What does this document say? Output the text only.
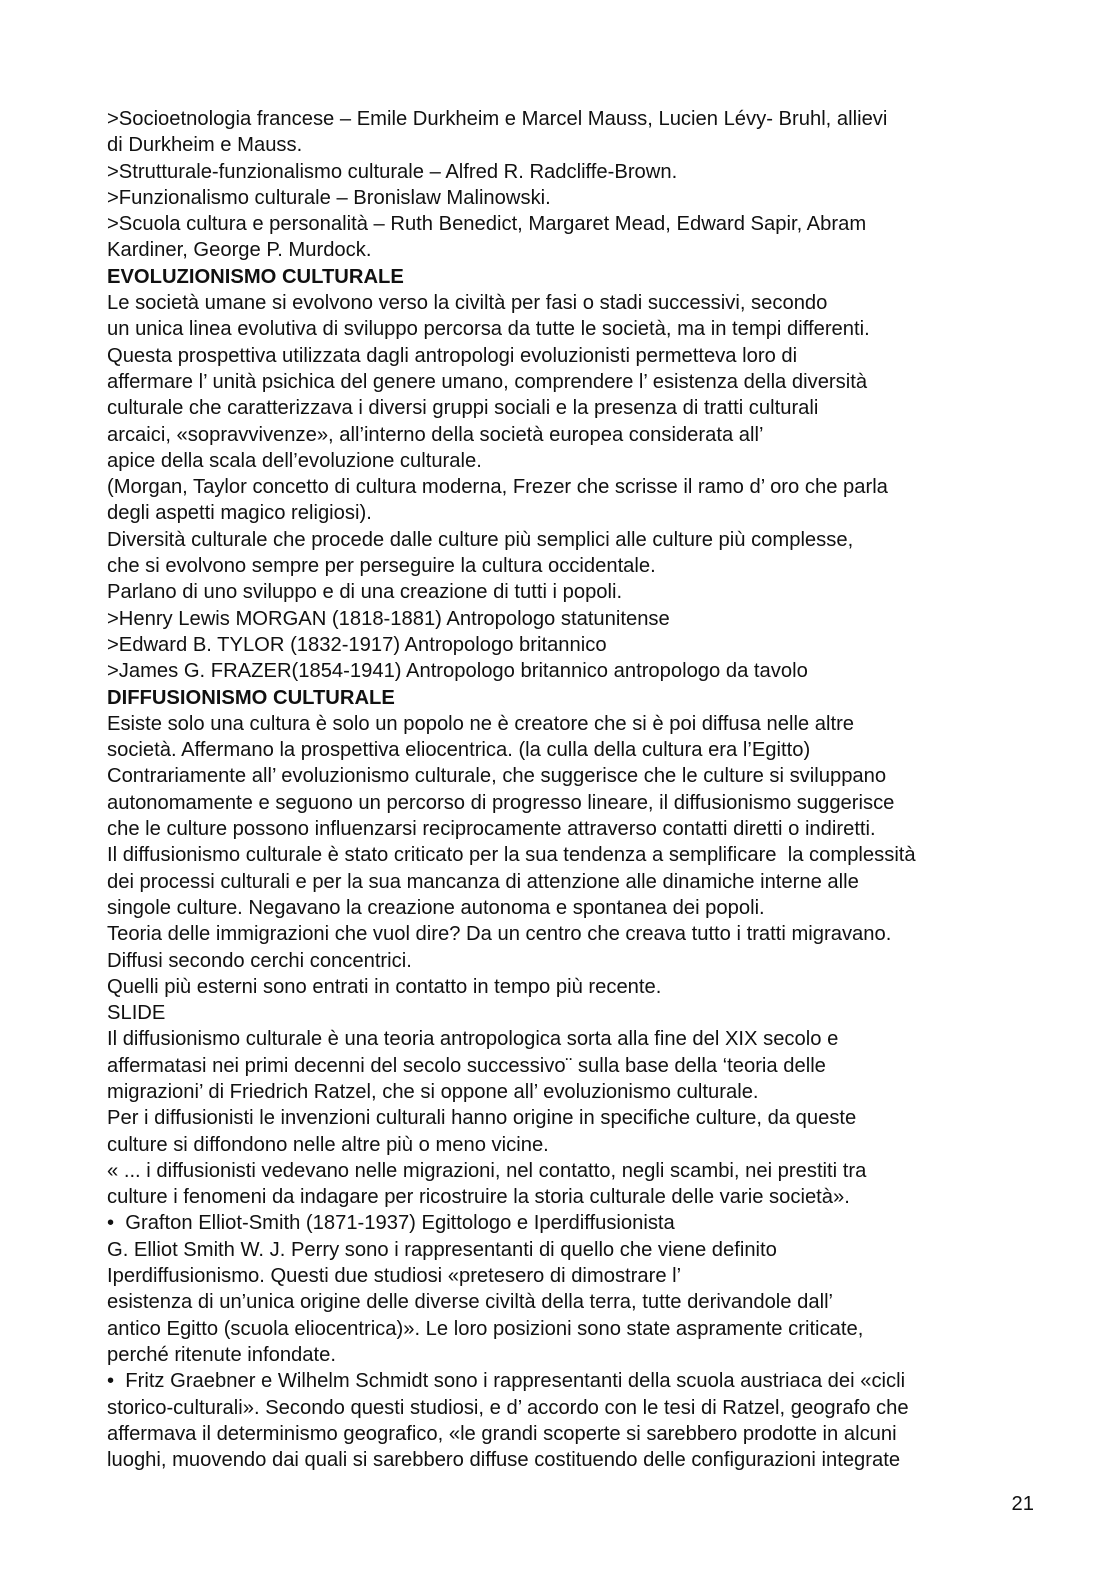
>Socioetnologia francese – Emile Durkheim e Marcel Mauss, Lucien Lévy- Bruhl, allievi
di Durkheim e Mauss.
>Strutturale-funzionalismo culturale – Alfred R. Radcliffe-Brown.
>Funzionalismo culturale – Bronislaw Malinowski.
>Scuola cultura e personalità – Ruth Benedict, Margaret Mead, Edward Sapir, Abram
Kardiner, George P. Murdock.
EVOLUZIONISMO CULTURALE
Le società umane si evolvono verso la civiltà per fasi o stadi successivi, secondo
un unica linea evolutiva di sviluppo percorsa da tutte le società, ma in tempi differenti.
Questa prospettiva utilizzata dagli antropologi evoluzionisti permetteva loro di
affermare l’ unità psichica del genere umano, comprendere l’ esistenza della diversità
culturale che caratterizzava i diversi gruppi sociali e la presenza di tratti culturali
arcaici, «sopravvivenze», all’interno della società europea considerata all’
apice della scala dell’evoluzione culturale.
(Morgan, Taylor concetto di cultura moderna, Frezer che scrisse il ramo d’ oro che parla
degli aspetti magico religiosi).
Diversità culturale che procede dalle culture più semplici alle culture più complesse,
che si evolvono sempre per perseguire la cultura occidentale.
Parlano di uno sviluppo e di una creazione di tutti i popoli.
>Henry Lewis MORGAN (1818-1881) Antropologo statunitense
>Edward B. TYLOR (1832-1917) Antropologo britannico
>James G. FRAZER(1854-1941) Antropologo britannico antropologo da tavolo
DIFFUSIONISMO CULTURALE
Esiste solo una cultura è solo un popolo ne è creatore che si è poi diffusa nelle altre
società. Affermano la prospettiva eliocentrica. (la culla della cultura era l’Egitto)
Contrariamente all’ evoluzionismo culturale, che suggerisce che le culture si sviluppano
autonomamente e seguono un percorso di progresso lineare, il diffusionismo suggerisce
che le culture possono influenzarsi reciprocamente attraverso contatti diretti o indiretti.
Il diffusionismo culturale è stato criticato per la sua tendenza a semplificare  la complessità
dei processi culturali e per la sua mancanza di attenzione alle dinamiche interne alle
singole culture. Negavano la creazione autonoma e spontanea dei popoli.
Teoria delle immigrazioni che vuol dire? Da un centro che creava tutto i tratti migravano.
Diffusi secondo cerchi concentrici.
Quelli più esterni sono entrati in contatto in tempo più recente.
SLIDE
Il diffusionismo culturale è una teoria antropologica sorta alla fine del XIX secolo e
affermatasi nei primi decenni del secolo successivo¨ sulla base della ‘teoria delle
migrazioni’ di Friedrich Ratzel, che si oppone all’ evoluzionismo culturale.
Per i diffusionisti le invenzioni culturali hanno origine in specifiche culture, da queste
culture si diffondono nelle altre più o meno vicine.
« ... i diffusionisti vedevano nelle migrazioni, nel contatto, negli scambi, nei prestiti tra
culture i fenomeni da indagare per ricostruire la storia culturale delle varie società».
•  Grafton Elliot-Smith (1871-1937) Egittologo e Iperdiffusionista
G. Elliot Smith W. J. Perry sono i rappresentanti di quello che viene definito
Iperdiffusionismo. Questi due studiosi «pretesero di dimostrare l’
esistenza di un’unica origine delle diverse civiltà della terra, tutte derivandole dall’
antico Egitto (scuola eliocentrica)». Le loro posizioni sono state aspramente criticate,
perché ritenute infondate.
•  Fritz Graebner e Wilhelm Schmidt sono i rappresentanti della scuola austriaca dei «cicli
storico-culturali». Secondo questi studiosi, e d’ accordo con le tesi di Ratzel, geografo che
affermava il determinismo geografico, «le grandi scoperte si sarebbero prodotte in alcuni
luoghi, muovendo dai quali si sarebbero diffuse costituendo delle configurazioni integrate
21
